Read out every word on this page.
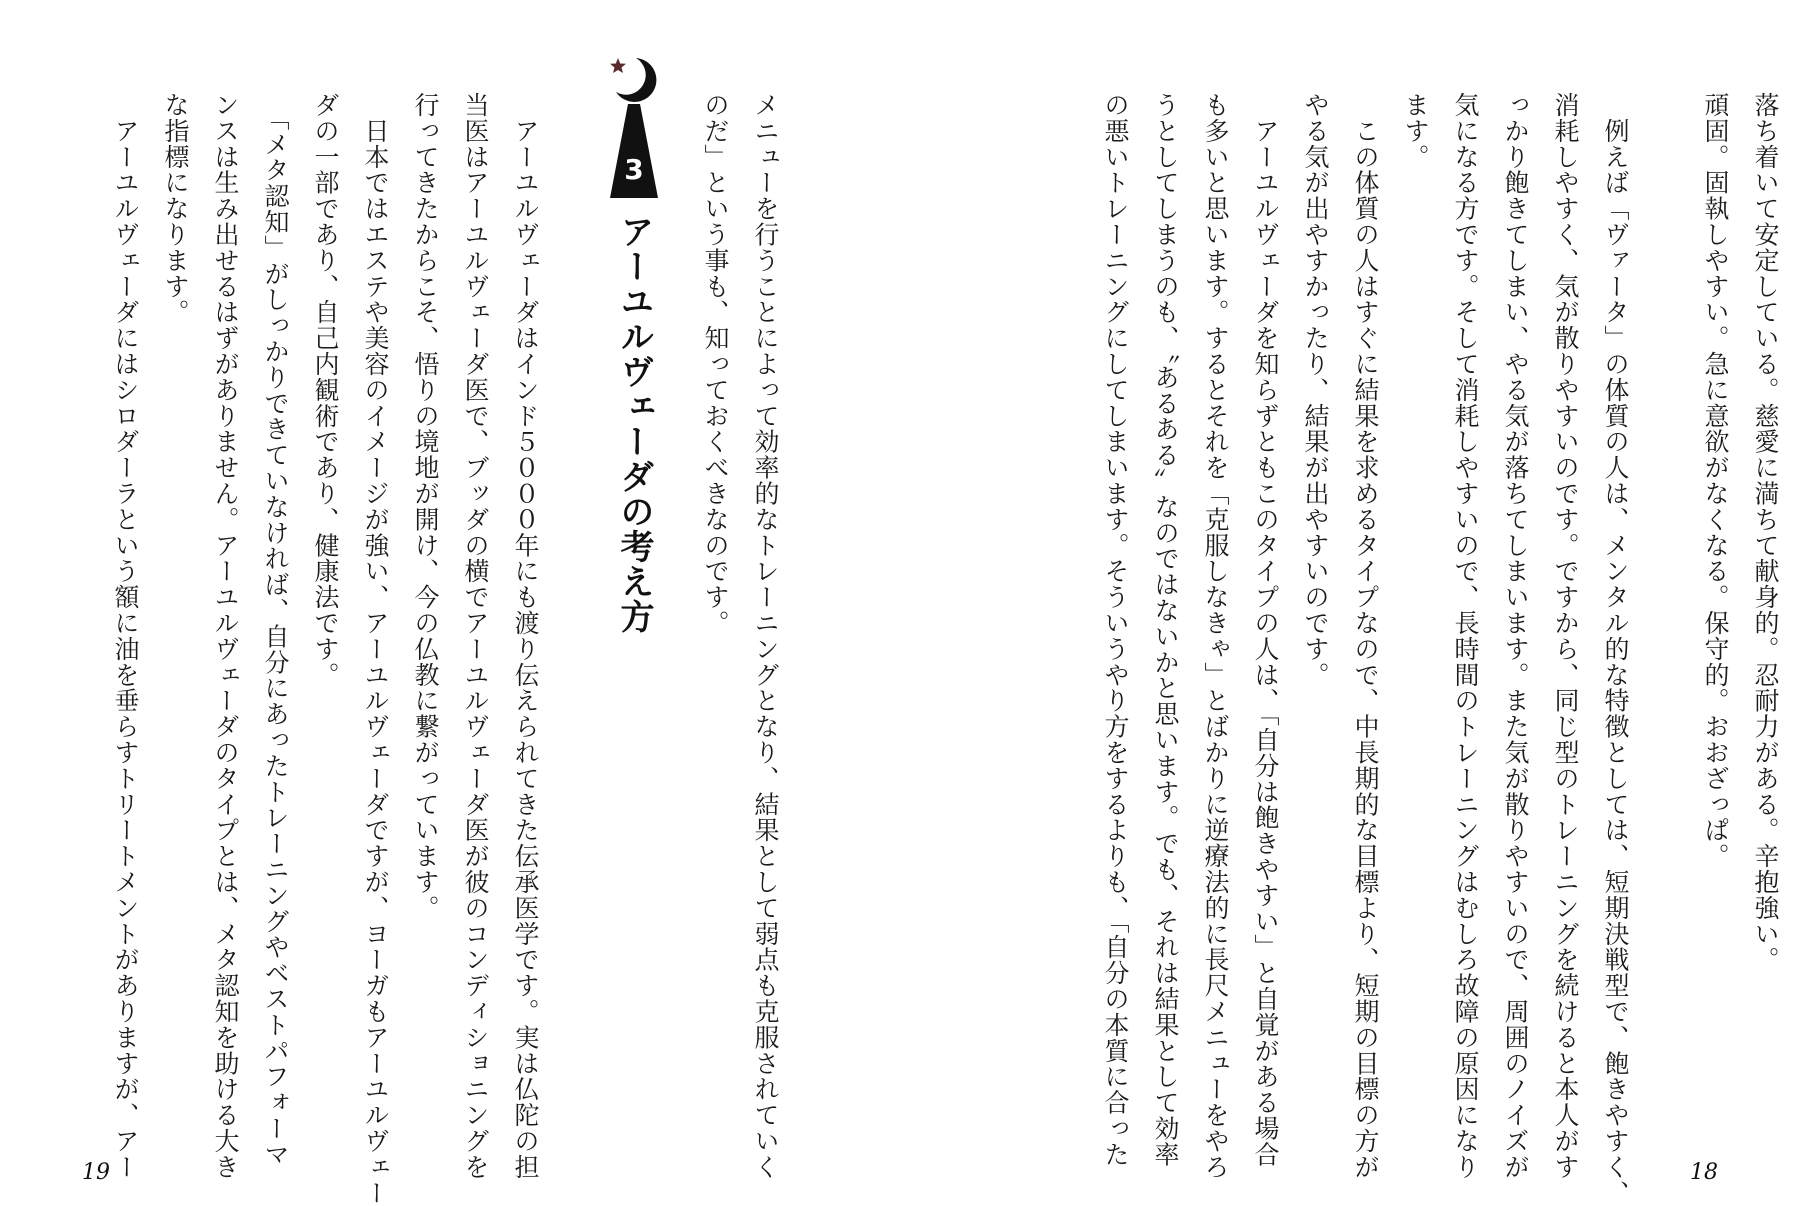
メニューを行うことによって効率的なトレーニングとなり、結果として弱点も克服されていく
のだ」という事も、知っておくべきなのです。
3
アーユルヴェーダの考え方
　アーユルヴェーダはインド５０００年にも渡り伝えられてきた伝承医学です。実は仏陀の担
当医はアーユルヴェーダ医で、ブッダの横でアーユルヴェーダ医が彼のコンディショニングを
行ってきたからこそ、悟りの境地が開け、今の仏教に繋がっています。
　日本ではエステや美容のイメージが強い、アーユルヴェーダですが、ヨーガもアーユルヴェー
ダの一部であり、自己内観術であり、健康法です。
　「メタ認知」がしっかりできていなければ、自分にあったトレーニングやベストパフォーマ
ンスは生み出せるはずがありません。アーユルヴェーダのタイプとは、メタ認知を助ける大き
な指標になります。
　アーユルヴェーダにはシロダーラという額に油を垂らすトリートメントがありますが、アー
19
落ち着いて安定している。慈愛に満ちて献身的。忍耐力がある。辛抱強い。
頑固。固執しやすい。急に意欲がなくなる。保守的。おおざっぱ。
　例えば「ヴァータ」の体質の人は、メンタル的な特徴としては、短期決戦型で、飽きやすく、
消耗しやすく、気が散りやすいのです。ですから、同じ型のトレーニングを続けると本人がす
っかり飽きてしまい、やる気が落ちてしまいます。また気が散りやすいので、周囲のノイズが
気になる方です。そして消耗しやすいので、長時間のトレーニングはむしろ故障の原因になり
ます。
　この体質の人はすぐに結果を求めるタイプなので、中長期的な目標より、短期の目標の方が
やる気が出やすかったり、結果が出やすいのです。
　アーユルヴェーダを知らずともこのタイプの人は、「自分は飽きやすい」と自覚がある場合
も多いと思います。するとそれを「克服しなきゃ」とばかりに逆療法的に長尺メニューをやろ
うとしてしまうのも、〝あるある〟なのではないかと思います。でも、それは結果として効率
の悪いトレーニングにしてしまいます。そういうやり方をするよりも、「自分の本質に合った
18
